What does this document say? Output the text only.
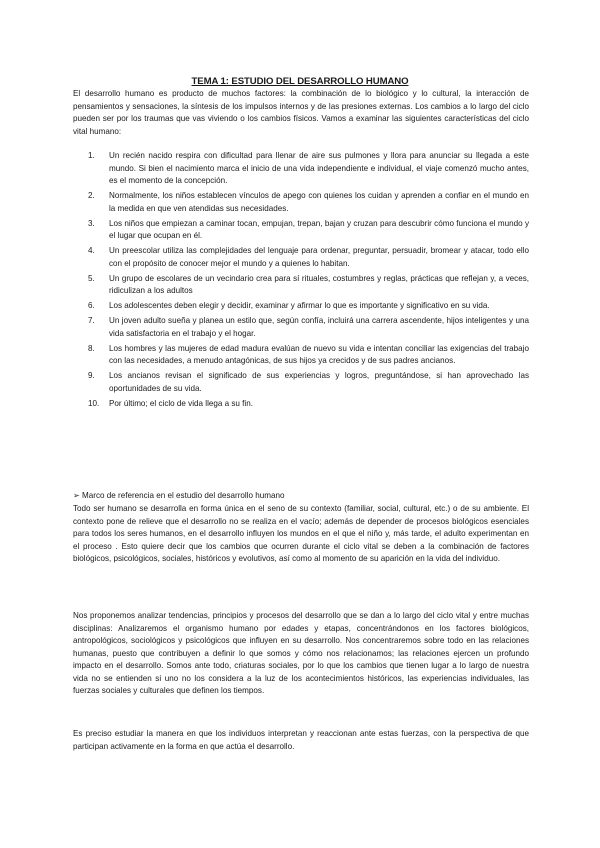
TEMA 1: ESTUDIO DEL DESARROLLO HUMANO
El desarrollo humano es producto de muchos factores: la combinación de lo biológico y lo cultural, la interacción de pensamientos y sensaciones, la síntesis de los impulsos internos y de las presiones externas. Los cambios a lo largo del ciclo pueden ser por los traumas que vas viviendo o los cambios físicos. Vamos a examinar las siguientes características del ciclo vital humano:
1. Un recién nacido respira con dificultad para llenar de aire sus pulmones y llora para anunciar su llegada a este mundo. Si bien el nacimiento marca el inicio de una vida independiente e individual, el viaje comenzó mucho antes, es el momento de la concepción.
2. Normalmente, los niños establecen vínculos de apego con quienes los cuidan y aprenden a confiar en el mundo en la medida en que ven atendidas sus necesidades.
3. Los niños que empiezan a caminar tocan, empujan, trepan, bajan y cruzan para descubrir cómo funciona el mundo y el lugar que ocupan en él.
4. Un preescolar utiliza las complejidades del lenguaje para ordenar, preguntar, persuadir, bromear y atacar, todo ello con el propósito de conocer mejor el mundo y a quienes lo habitan.
5. Un grupo de escolares de un vecindario crea para sí rituales, costumbres y reglas, prácticas que reflejan y, a veces, ridiculizan a los adultos
6. Los adolescentes deben elegir y decidir, examinar y afirmar lo que es importante y significativo en su vida.
7. Un joven adulto sueña y planea un estilo que, según confía, incluirá una carrera ascendente, hijos inteligentes y una vida satisfactoria en el trabajo y el hogar.
8. Los hombres y las mujeres de edad madura evalúan de nuevo su vida e intentan conciliar las exigencias del trabajo con las necesidades, a menudo antagónicas, de sus hijos ya crecidos y de sus padres ancianos.
9. Los ancianos revisan el significado de sus experiencias y logros, preguntándose, si han aprovechado las oportunidades de su vida.
10. Por último; el ciclo de vida llega a su fin.
➢ Marco de referencia en el estudio del desarrollo humano
Todo ser humano se desarrolla en forma única en el seno de su contexto (familiar, social, cultural, etc.) o de su ambiente. El contexto pone de relieve que el desarrollo no se realiza en el vacío; además de depender de procesos biológicos esenciales para todos los seres humanos, en el desarrollo influyen los mundos en el que el niño y, más tarde, el adulto experimentan en el proceso . Esto quiere decir que los cambios que ocurren durante el ciclo vital se deben a la combinación de factores biológicos, psicológicos, sociales, históricos y evolutivos, así como al momento de su aparición en la vida del individuo.
Nos proponemos analizar tendencias, principios y procesos del desarrollo que se dan a lo largo del ciclo vital y entre muchas disciplinas: Analizaremos el organismo humano por edades y etapas, concentrándonos en los factores biológicos, antropológicos, sociológicos y psicológicos que influyen en su desarrollo. Nos concentraremos sobre todo en las relaciones humanas, puesto que contribuyen a definir lo que somos y cómo nos relacionamos; las relaciones ejercen un profundo impacto en el desarrollo. Somos ante todo, criaturas sociales, por lo que los cambios que tienen lugar a lo largo de nuestra vida no se entienden si uno no los considera a la luz de los acontecimientos históricos, las experiencias individuales, las fuerzas sociales y culturales que definen los tiempos.
Es preciso estudiar la manera en que los individuos interpretan y reaccionan ante estas fuerzas, con la perspectiva de que participan activamente en la forma en que actúa el desarrollo.
